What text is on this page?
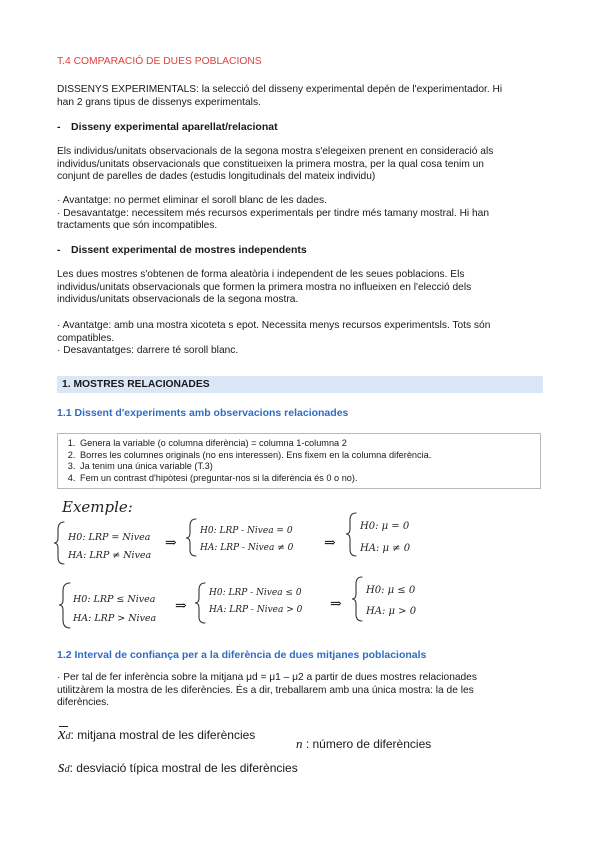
T.4 COMPARACIÓ DE DUES POBLACIONS
DISSENYS EXPERIMENTALS: la selecció del disseny experimental depén de l'experimentador. Hi
han 2 grans tipus de dissenys experimentals.
- Disseny experimental aparellat/relacionat
Els individus/unitats observacionals de la segona mostra s'elegeixen prenent en consideració als
individus/unitats observacionals que constitueixen la primera mostra, per la qual cosa tenim un
conjunt de parelles de dades (estudis longitudinals del mateix individu)
· Avantatge: no permet eliminar el soroll blanc de les dades.
· Desavantatge: necessitem més recursos experimentals per tindre més tamany mostral. Hi han
tractaments que són incompatibles.
- Dissent experimental de mostres independents
Les dues mostres s'obtenen de forma aleatòria i independent de les seues poblacions. Els
individus/unitats observacionals que formen la primera mostra no influeixen en l'elecció dels
individus/unitats observacionals de la segona mostra.
· Avantatge: amb una mostra xicoteta s epot. Necessita menys recursos experimentsls. Tots són
compatibles.
· Desavantatges: darrere té soroll blanc.
1. MOSTRES RELACIONADES
1.1 Dissent d'experiments amb observacions relacionades
1. Genera la variable (o columna diferència) = columna 1-columna 2
2. Borres les columnes originals (no ens interessen). Ens fixem en la columna diferència.
3. Ja tenim una única variable (T.3)
4. Fem un contrast d'hipòtesi (preguntar-nos si la diferència és 0 o no).
Exemple:
H0: LRP = Nivea
HA: LRP ≠ Nivea
⇒
H0: LRP - Nivea = 0
HA: LRP - Nivea ≠ 0 ⇒
H0: μ = 0
HA: μ ≠ 0
H0: LRP ≤ Nivea
HA: LRP > Nivea
⇒
H0: LRP - Nivea ≤ 0
HA: LRP - Nivea > 0 ⇒
H0: μ ≤ 0
HA: μ > 0
1.2 Interval de confiança per a la diferència de dues mitjanes poblacionals
· Per tal de fer inferència sobre la mitjana μd = μ1 – μ2 a partir de dues mostres relacionades
utilitzàrem la mostra de les diferències. És a dir, treballarem amb una única mostra: la de les
diferències.
xd: mitjana mostral de les diferències
n : número de diferències
sd: desviació típica mostral de les diferències
